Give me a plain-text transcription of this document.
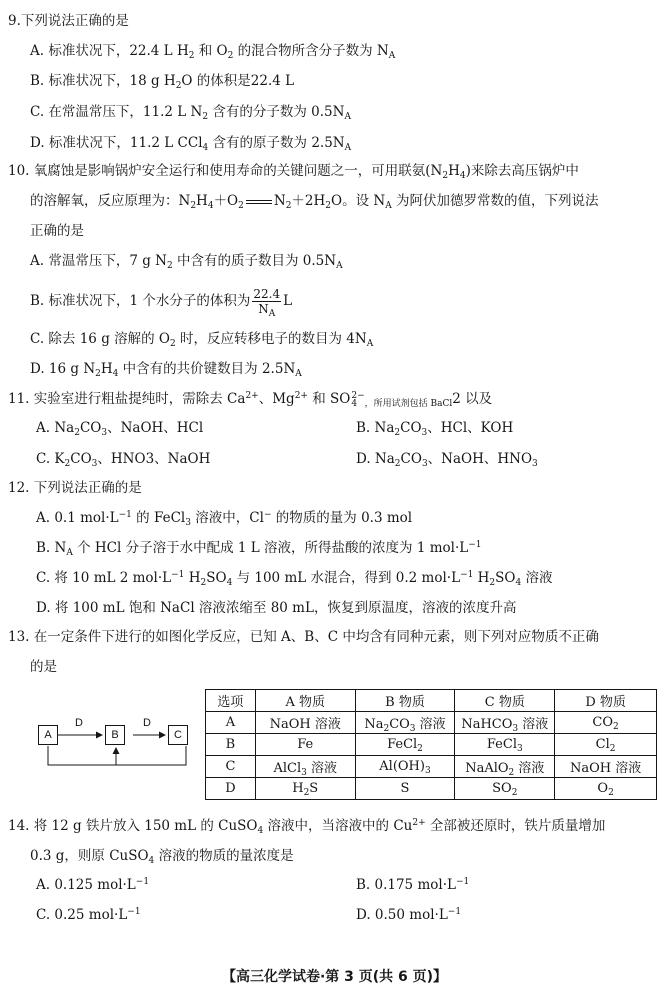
9.下列说法正确的是
A. 标准状况下，22.4 L $H_2$ 和 $O_2$ 的混合物所含分子数为 $N_A$
B. 标准状况下，18 g $H_2O$ 的体积是22.4 L
C. 在常温常压下，11.2 L $N_2$ 含有的分子数为 $0.5N_A$
D. 标准状况下，11.2 L CCl$_4$ 含有的原子数为 $2.5N_A$
10. 氧腐蚀是影响锅炉安全运行和使用寿命的关键问题之一，可用联氨$(N_2H_4)$来除去高压锅炉中
的溶解氧，反应原理为：$N_2H_4+O_2$ $N_2+2H_2O$。设 $N_A$ 为阿伏加德罗常数的值，下列说法
正确的是
A. 常温常压下，7 g $N_2$ 中含有的质子数目为 $0.5N_A$
B. 标准状况下，1 个水分子的体积为 $\frac{22.4}{N_A}$ L
C. 除去 16 g 溶解的 $O_2$ 时，反应转移电子的数目为 $4N_A$
D. 16 g $N_2H_4$ 中含有的共价键数目为 $2.5N_A$
11. 实验室进行粗盐提纯时，需除去 $Ca^{2+}$、$Mg^{2+}$ 和 SO 2−
4 $_{,所用试剂包括 BaCl}$2 以及
A. $Na_2CO_3$、NaOH、HCl	B. $Na_2CO_3$、HCl、KOH
C. $K_2CO_3$、HNO3、NaOH	D. $Na_2CO_3$、NaOH、$HNO_3$
12. 下列说法正确的是
A. 0.1 $mol\cdot L^{-1}$ 的 FeCl$_3$ 溶液中，Cl− 的物质的量为 0.3 mol
B. $N_A$ 个 HCl 分子溶于水中配成 1 L 溶液，所得盐酸的浓度为 1 $mol\cdot L^{-1}$
C. 将 10 mL 2 $mol\cdot L^{-1}$ $H_2SO_4$ 与 100 mL 水混合，得到 0.2 $mol\cdot L^{-1}$ $H_2SO_4$ 溶液
D. 将 100 mL 饱和 NaCl 溶液浓缩至 80 mL，恢复到原温度，溶液的浓度升高
13. 在一定条件下进行的如图化学反应，已知 A、B、C 中均含有同种元素，则下列对应物质不正确
的是
A	B	C
D	D
选项	A 物质	B 物质	C 物质	D 物质
A	NaOH 溶液	$Na_2CO_3$ 溶液	NaHCO$_3$ 溶液	$CO_2$
B	Fe	FeCl$_2$	FeCl$_3$	$Cl_2$
C	AlCl$_3$ 溶液	$Al(OH)_3$	NaAlO$_2$ 溶液	NaOH 溶液
D	$H_2S$	S	$SO_2$	$O_2$
14. 将 12 g 铁片放入 150 mL 的 CuSO$_4$ 溶液中，当溶液中的 $Cu^{2+}$ 全部被还原时，铁片质量增加
0.3 g，则原 CuSO$_4$ 溶液的物质的量浓度是
A. 0.125 $mol\cdot L^{-1}$	B. 0.175 $mol\cdot L^{-1}$
C. 0.25 $mol\cdot L^{-1}$	D. 0.50 $mol\cdot L^{-1}$
【高三化学试卷·第 3 页(共 6 页)】
